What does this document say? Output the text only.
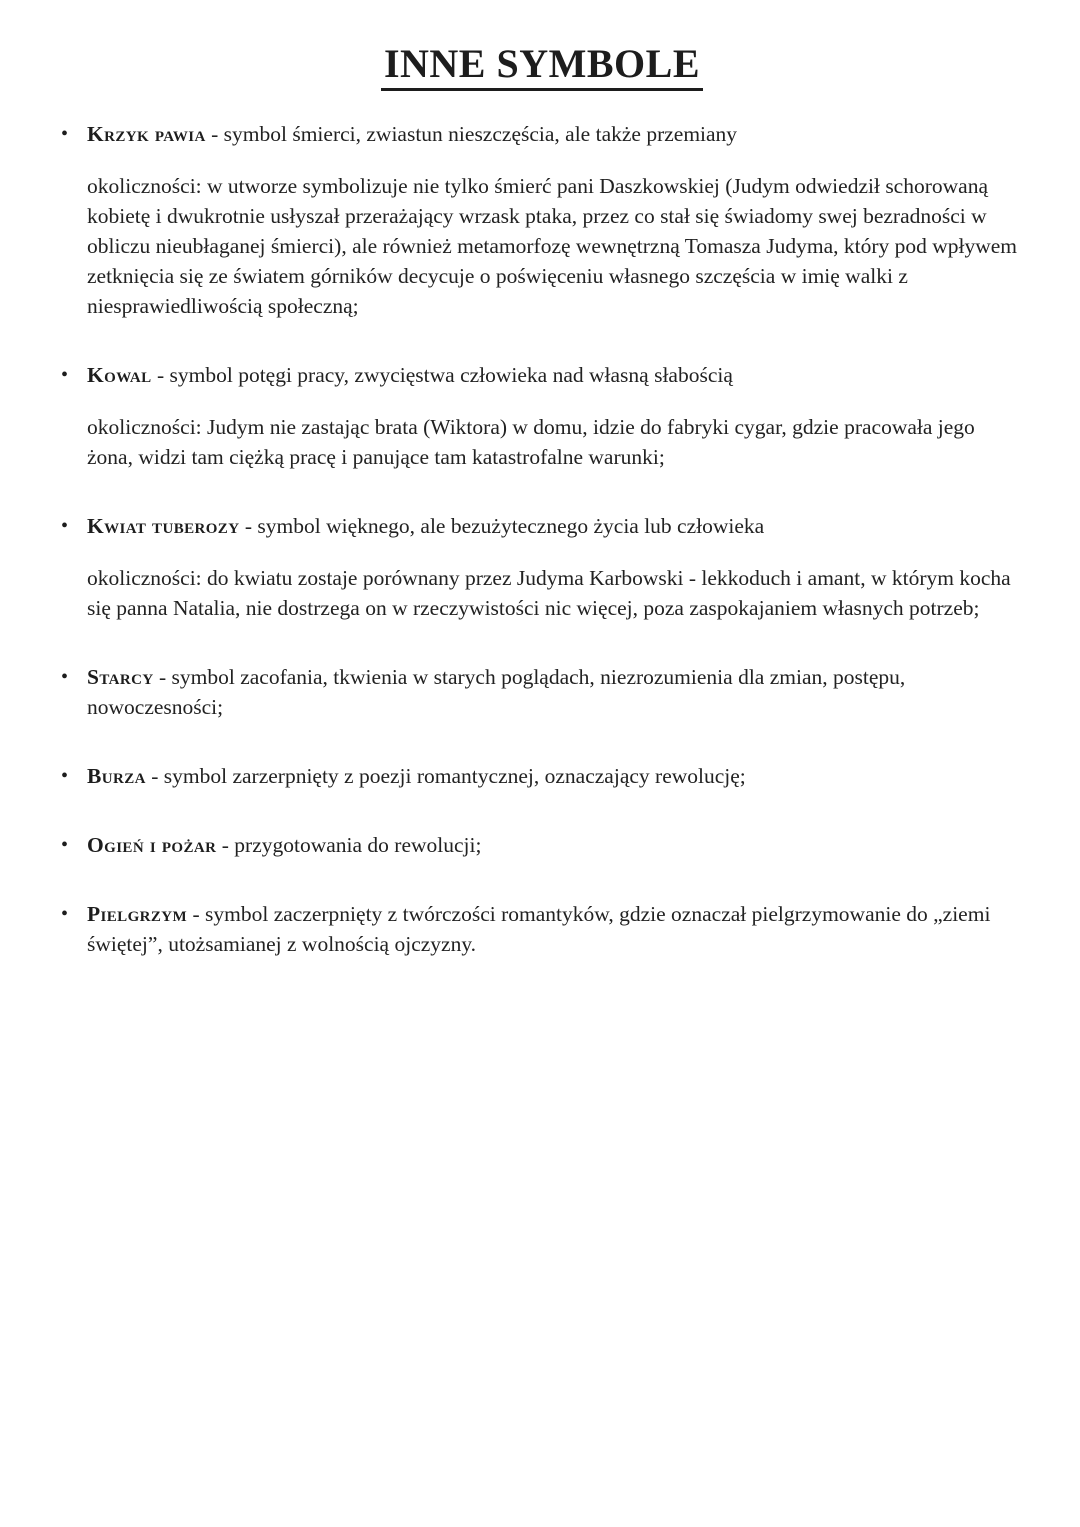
INNE SYMBOLE
• Krzyk pawia - symbol śmierci, zwiastun nieszczęścia, ale także przemiany

okoliczności: w utworze symbolizuje nie tylko śmierć pani Daszkowskiej (Judym odwiedził schorowaną kobietę i dwukrotnie usłyszał przerażający wrzask ptaka, przez co stał się świadomy swej bezradności w obliczu nieubłaganej śmierci), ale również metamorfozę wewnętrzną Tomasza Judyma, który pod wpływem zetknięcia się ze światem górników decycuje o poświęceniu własnego szczęścia w imię walki z niesprawiedliwością społeczną;

• Kowal - symbol potęgi pracy, zwycięstwa człowieka nad własną słabością

okoliczności: Judym nie zastając brata (Wiktora) w domu, idzie do fabryki cygar, gdzie pracowała jego żona, widzi tam ciężką pracę i panujące tam katastrofalne warunki;

• Kwiat tuberozy - symbol więknego, ale bezużytecznego życia lub człowieka

okoliczności: do kwiatu zostaje porównany przez Judyma Karbowski - lekkoduch i amant, w którym kocha się panna Natalia, nie dostrzega on w rzeczywistości nic więcej, poza zaspokajaniem własnych potrzeb;

• Starcy - symbol zacofania, tkwienia w starych poglądach, niezrozumienia dla zmian, postępu, nowoczesności;

• Burza - symbol zarzerpnięty z poezji romantycznej, oznaczający rewolucję;

• Ogień i pożar - przygotowania do rewolucji;

• Pielgrzym - symbol zaczerpnięty z twórczości romantyków, gdzie oznaczał pielgrzymowanie do „ziemi świętej”, utożsamianej z wolnością ojczyzny.
